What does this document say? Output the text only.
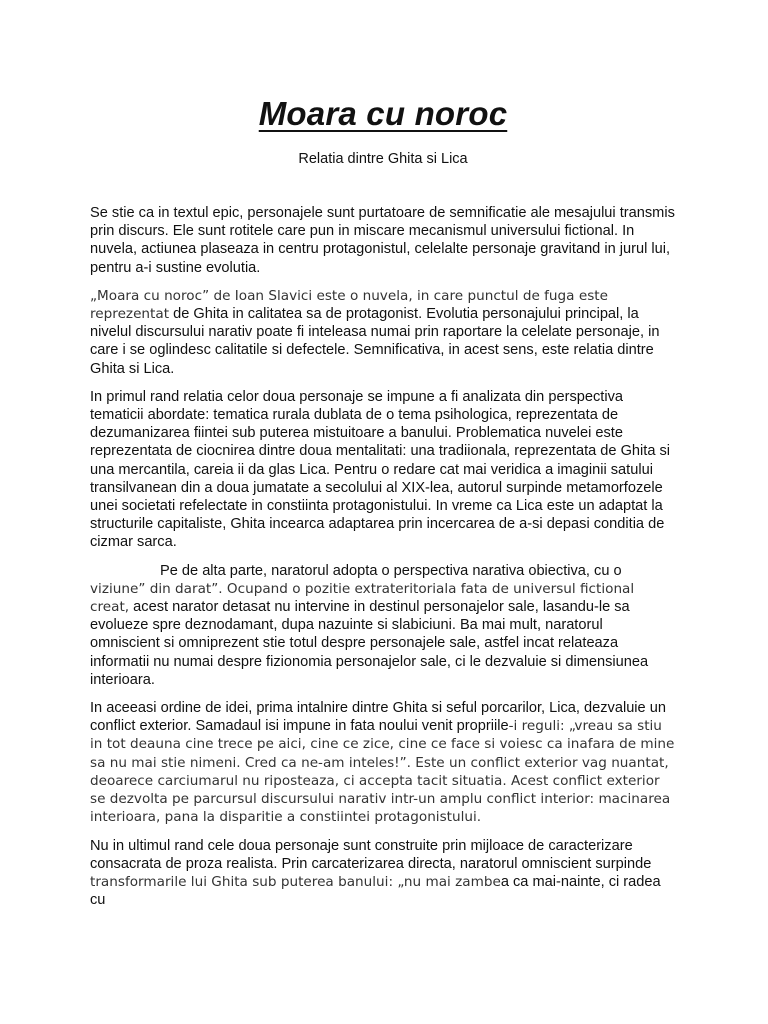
Moara cu noroc

Relatia dintre Ghita si Lica

Se stie ca in textul epic, personajele sunt purtatoare de semnificatie ale mesajului transmis prin discurs. Ele sunt rotitele care pun in miscare mecanismul universului fictional. In nuvela, actiunea plaseaza in centru protagonistul, celelalte personaje gravitand in jurul lui, pentru a-i sustine evolutia.

„Moara cu noroc” de Ioan Slavici este o nuvela, in care punctul de fuga este reprezentat de Ghita in calitatea sa de protagonist. Evolutia personajului principal, la nivelul discursului narativ poate fi inteleasa numai prin raportare la celelate personaje, in care i se oglindesc calitatile si defectele. Semnificativa, in acest sens, este relatia dintre Ghita si Lica.

In primul rand relatia celor doua personaje se impune a fi analizata din perspectiva tematicii abordate: tematica rurala dublata de o tema psihologica, reprezentata de dezumanizarea fiintei sub puterea mistuitoare a banului. Problematica nuvelei este reprezentata de ciocnirea dintre doua mentalitati: una tradiionala, reprezentata de Ghita si una mercantila, careia ii da glas Lica. Pentru o redare cat mai veridica a imaginii satului transilvanean din a doua jumatate a secolului al XIX-lea, autorul surpinde metamorfozele unei societati refelectate in constiinta protagonistului. In vreme ca Lica este un adaptat la structurile capitaliste, Ghita incearca adaptarea prin incercarea de a-si depasi conditia de cizmar sarca.

Pe de alta parte, naratorul adopta o perspectiva narativa obiectiva, cu o viziune” din darat”. Ocupand o pozitie extrateritoriala fata de universul fictional creat, acest narator detasat nu intervine in destinul personajelor sale, lasandu-le sa evolueze spre deznodamant, dupa nazuinte si slabiciuni. Ba mai mult, naratorul omniscient si omniprezent stie totul despre personajele sale, astfel incat relateaza informatii nu numai despre fizionomia personajelor sale, ci le dezvaluie si dimensiunea interioara.

In aceeasi ordine de idei, prima intalnire dintre Ghita si seful porcarilor, Lica, dezvaluie un conflict exterior. Samadaul isi impune in fata noului venit propriile-i reguli: „vreau sa stiu in tot deauna cine trece pe aici, cine ce zice, cine ce face si voiesc ca inafara de mine sa nu mai stie nimeni. Cred ca ne-am inteles!”. Este un conflict exterior vag nuantat, deoarece carciumarul nu riposteaza, ci accepta tacit situatia. Acest conflict exterior se dezvolta pe parcursul discursului narativ intr-un amplu conflict interior: macinarea interioara, pana la disparitie a constiintei protagonistului.

Nu in ultimul rand cele doua personaje sunt construite prin mijloace de caracterizare consacrata de proza realista. Prin carcaterizarea directa, naratorul omniscient surpinde transformarile lui Ghita sub puterea banului: „nu mai zambea ca mai-nainte, ci radea cu
